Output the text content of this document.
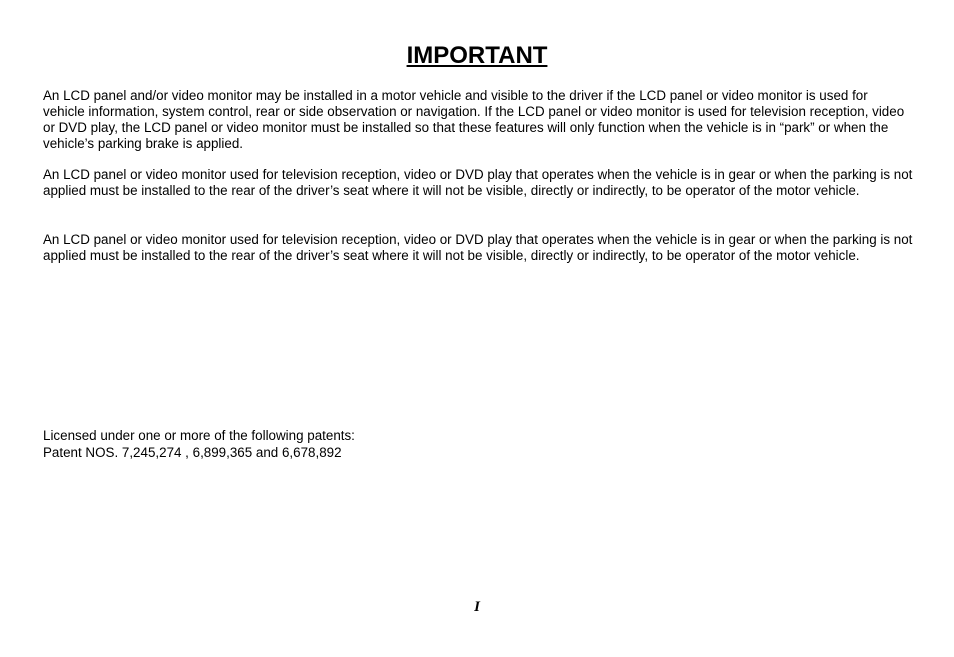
IMPORTANT

An LCD panel and/or video monitor may be installed in a motor vehicle and visible to the driver if the LCD panel or video monitor is used for vehicle information, system control, rear or side observation or navigation. If the LCD panel or video monitor is used for television reception, video or DVD play, the LCD panel or video monitor must be installed so that these features will only function when the vehicle is in “park” or when the vehicle’s parking brake is applied.

An LCD panel or video monitor used for television reception, video or DVD play that operates when the vehicle is in gear or when the parking is not applied must be installed to the rear of the driver’s seat where it will not be visible, directly or indirectly, to be operator of the motor vehicle.

An LCD panel or video monitor used for television reception, video or DVD play that operates when the vehicle is in gear or when the parking is not applied must be installed to the rear of the driver’s seat where it will not be visible, directly or indirectly, to be operator of the motor vehicle.

Licensed under one or more of the following patents:
Patent NOS. 7,245,274 , 6,899,365 and 6,678,892
I
